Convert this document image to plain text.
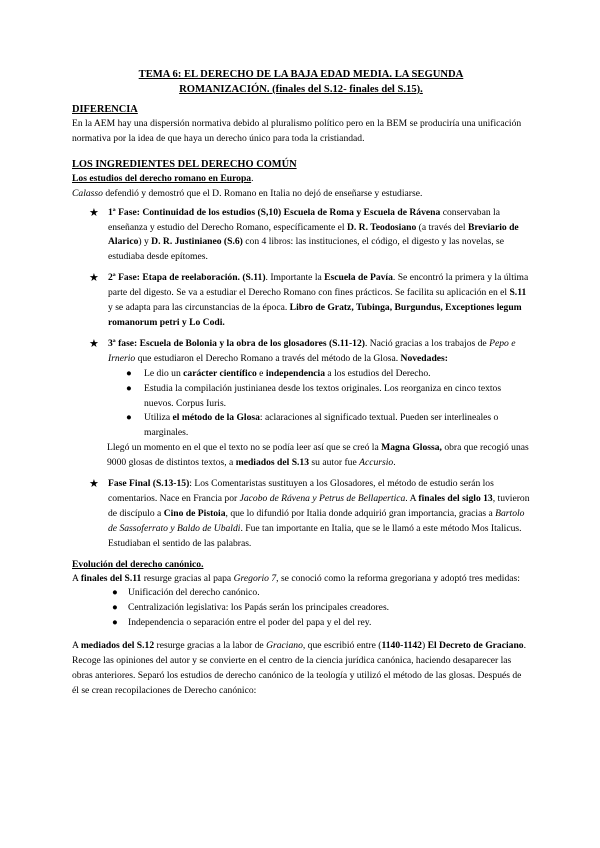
TEMA 6: EL DERECHO DE LA BAJA EDAD MEDIA. LA SEGUNDA
ROMANIZACIÓN. (finales del S.12- finales del S.15).
DIFERENCIA

En la AEM hay una dispersión normativa debido al pluralismo político pero en la BEM se produciría una unificación normativa por la idea de que haya un derecho único para toda la cristiandad.

LOS INGREDIENTES DEL DERECHO COMÚN

Los estudios del derecho romano en Europa.

Calasso defendió y demostró que el D. Romano en Italia no dejó de enseñarse y estudiarse.

★ 1ª Fase: Continuidad de los estudios (S,10) Escuela de Roma y Escuela de Rávena conservaban la enseñanza y estudio del Derecho Romano, específicamente el D. R. Teodosiano (a través del Breviario de Alarico) y D. R. Justinianeo (S.6) con 4 libros: las instituciones, el código, el digesto y las novelas, se estudiaba desde epítomes.
★ 2ª Fase: Etapa de reelaboración. (S.11). Importante la Escuela de Pavía. Se encontró la primera y la última parte del digesto. Se va a estudiar el Derecho Romano con fines prácticos. Se facilita su aplicación en el S.11 y se adapta para las circunstancias de la época. Libro de Gratz, Tubinga, Burgundus, Exceptiones legum romanorum petri y Lo Codi.
★ 3ª fase: Escuela de Bolonia y la obra de los glosadores (S.11-12). Nació gracias a los trabajos de Pepo e Irnerio que estudiaron el Derecho Romano a través del método de la Glosa. Novedades:
● Le dio un carácter científico e independencia a los estudios del Derecho.
● Estudia la compilación justinianea desde los textos originales. Los reorganiza en cinco textos nuevos. Corpus Iuris.
● Utiliza el método de la Glosa: aclaraciones al significado textual. Pueden ser interlineales o marginales.

Llegó un momento en el que el texto no se podía leer así que se creó la Magna Glossa, obra que recogió unas 9000 glosas de distintos textos, a mediados del S.13 su autor fue Accursio.

★ Fase Final (S.13-15): Los Comentaristas sustituyen a los Glosadores, el método de estudio serán los comentarios. Nace en Francia por Jacobo de Rávena y Petrus de Bellapertica. A finales del siglo 13, tuvieron de discípulo a Cino de Pistoia, que lo difundió por Italia donde adquirió gran importancia, gracias a Bartolo de Sassoferrato y Baldo de Ubaldi. Fue tan importante en Italia, que se le llamó a este método Mos Italicus. Estudiaban el sentido de las palabras.
Evolución del derecho canónico.

A finales del S.11 resurge gracias al papa Gregorio 7, se conoció como la reforma gregoriana y adoptó tres medidas:

● Unificación del derecho canónico.
● Centralización legislativa: los Papás serán los principales creadores.
● Independencia o separación entre el poder del papa y el del rey.

A mediados del S.12 resurge gracias a la labor de Graciano, que escribió entre (1140-1142) El Decreto de Graciano. Recoge las opiniones del autor y se convierte en el centro de la ciencia jurídica canónica, haciendo desaparecer las obras anteriores. Separó los estudios de derecho canónico de la teología y utilizó el método de las glosas. Después de él se crean recopilaciones de Derecho canónico:
